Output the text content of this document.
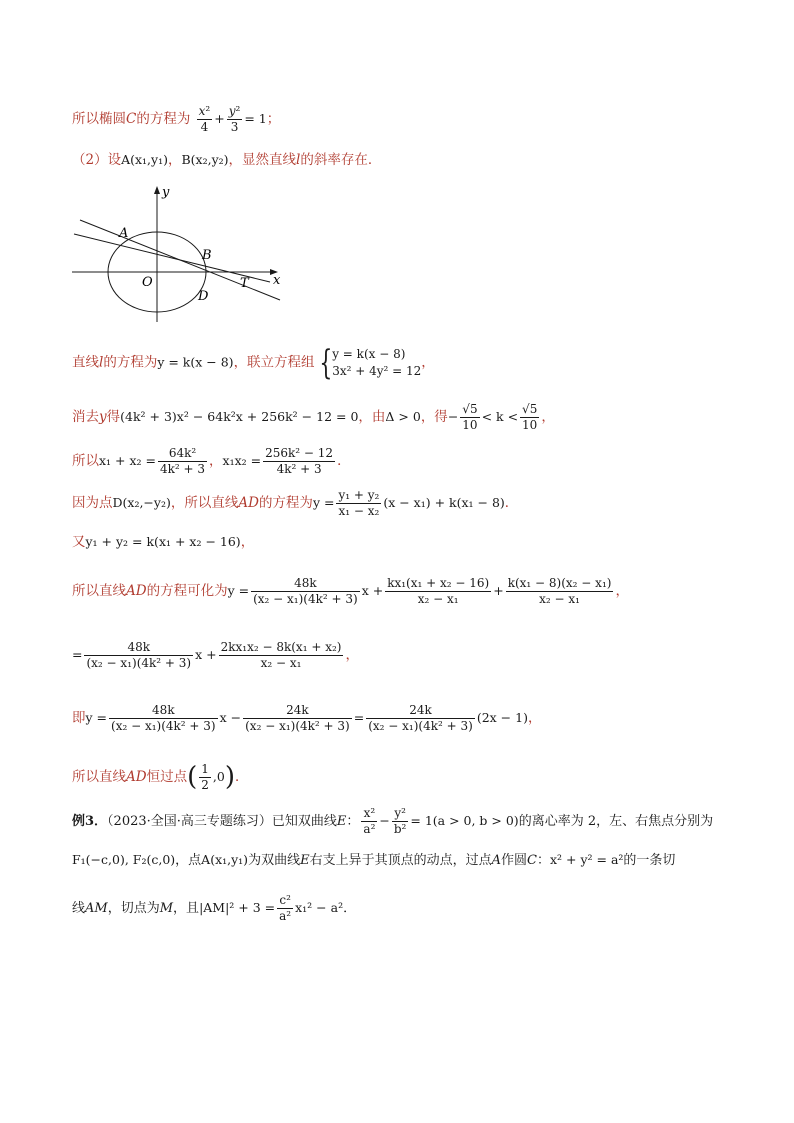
所以椭圆C的方程为 $\frac{\text{x²}}{4} + \frac{\text{y²}}{3} = 1$；
（2）设A(x₁,y₁)，B(x₂,y₂)，显然直线l的斜率存在．
y
x
A
B
O
D
T
直线l的方程为y = k(x − 8)，联立方程组 { y = k(x − 8)
3x² + 4y² = 12
，
消去y得(4k² + 3)x² − 64k²x + 256k² − 12 = 0，由Δ > 0，得− $\frac{√5}{10} < k < \frac{√5}{10}$ ，
所以$x_1 + x_2 = \frac{\text{64k²}}{\text{4k² + 3}}$ ，$x_1x_2 = \frac{\text{256k² − 12}}{\text{4k² + 3}}$ ．
因为点D(x₂,−y₂)，所以直线AD的方程为$y = \frac{\text{y₁ + y₂}}{\text{x₁ − x₂}} (x - x_1) + k(x_1 - 8)$．
又y₁ + y₂ = k(x₁ + x₂ − 16)，
所以直线AD的方程可化为$y = \frac{48k}{\text{(x₂ − x₁)(4k² + 3)}}$ $x + \frac{\text{kx₁(x₁ + x₂ − 16)}}{\text{x₂ − x₁}} + \frac{\text{k(x₁ − 8)(x₂ − x₁)}}{\text{x₂ − x₁}}$ ，
= $\frac{48k}{\text{(x₂ − x₁)(4k² + 3)}}$ $x + \frac{\text{2kx₁x₂ − 8k(x₁ + x₂)}}{\text{x₂ − x₁}}$ ，
即$y = \frac{48k}{\text{(x₂ − x₁)(4k² + 3)}}$ $x - \frac{24k}{\text{(x₂ − x₁)(4k² + 3)}} = \frac{24k}{\text{(x₂ − x₁)(4k² + 3)}} (2x - 1)$，
所以直线AD恒过点( $\frac{1}{2} ,0$)．
例3．（2023·全国·高三专题练习）已知双曲线E： $\frac{\text{x²}}{\text{a²}} - \frac{\text{y²}}{\text{b²}} = 1(a > 0$, b > 0)的离心率为 2，左、右焦点分别为
F₁(−c,0), F₂(c,0)，点A(x₁,y₁)为双曲线E右支上异于其顶点的动点，过点A作圆C：x² + y² = a²的一条切
线AM，切点为M，且$|AM|^2 + 3 = \frac{\text{c²}}{\text{a²}} x_1^2 - a^2$．
